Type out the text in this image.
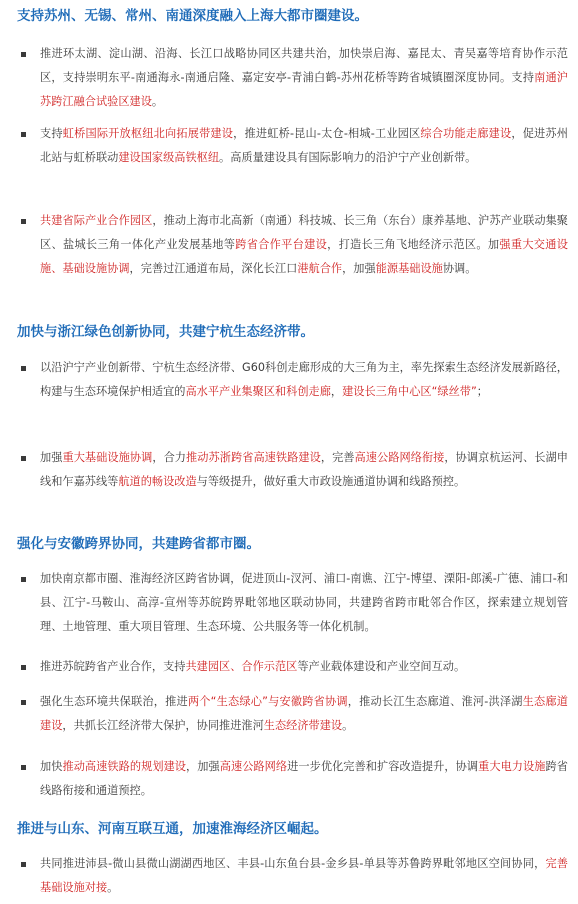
支持苏州、无锡、常州、南通深度融入上海大都市圈建设。

推进环太湖、淀山湖、沿海、长江口战略协同区共建共治，加快崇启海、嘉昆太、青吴嘉等培育协作示范区，支持崇明东平-南通海永-南通启隆、嘉定安亭-青浦白鹤-苏州花桥等跨省城镇圈深度协同。支持南通沪苏跨江融合试验区建设。

支持虹桥国际开放枢纽北向拓展带建设，推进虹桥-昆山-太仓-相城-工业园区综合功能走廊建设，促进苏州北站与虹桥联动建设国家级高铁枢纽。高质量建设具有国际影响力的沿沪宁产业创新带。

共建省际产业合作园区，推动上海市北高新（南通）科技城、长三角（东台）康养基地、沪苏产业联动集聚区、盐城长三角一体化产业发展基地等跨省合作平台建设，打造长三角飞地经济示范区。加强重大交通设施、基础设施协调，完善过江通道布局，深化长江口港航合作，加强能源基础设施协调。

加快与浙江绿色创新协同，共建宁杭生态经济带。

以沿沪宁产业创新带、宁杭生态经济带、G60科创走廊形成的大三角为主，率先探索生态经济发展新路径，构建与生态环境保护相适宜的高水平产业集聚区和科创走廊，建设长三角中心区“绿丝带”；

加强重大基础设施协调，合力推动苏浙跨省高速铁路建设，完善高速公路网络衔接，协调京杭运河、长湖申线和乍嘉苏线等航道的畅设改造与等级提升，做好重大市政设施通道协调和线路预控。

强化与安徽跨界协同，共建跨省都市圈。

加快南京都市圈、淮海经济区跨省协调，促进顶山-汊河、浦口-南谯、江宁-博望、溧阳-郎溪-广德、浦口-和县、江宁-马鞍山、高淳-宣州等苏皖跨界毗邻地区联动协同，共建跨省跨市毗邻合作区，探索建立规划管理、土地管理、重大项目管理、生态环境、公共服务等一体化机制。

推进苏皖跨省产业合作，支持共建园区、合作示范区等产业载体建设和产业空间互动。

强化生态环境共保联治，推进两个“生态绿心”与安徽跨省协调，推动长江生态廊道、淮河-洪泽湖生态廊道建设，共抓长江经济带大保护，协同推进淮河生态经济带建设。

加快推动高速铁路的规划建设，加强高速公路网络进一步优化完善和扩容改造提升，协调重大电力设施跨省线路衔接和通道预控。

推进与山东、河南互联互通，加速淮海经济区崛起。

共同推进沛县-微山县微山湖湖西地区、丰县-山东鱼台县-金乡县-单县等苏鲁跨界毗邻地区空间协同，完善基础设施对接。
